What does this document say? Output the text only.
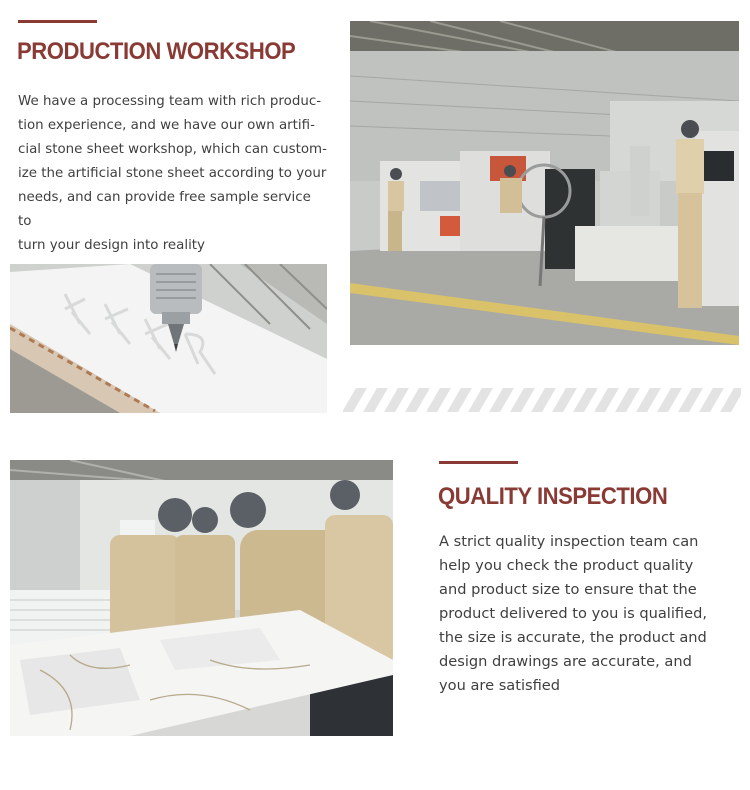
PRODUCTION WORKSHOP
We have a processing team with rich produc-
tion experience, and we have our own artifi-
cial stone sheet workshop, which can custom-
ize the artificial stone sheet according to your
needs, and can provide free sample service to
turn your design into reality
QUALITY INSPECTION
A strict quality inspection team can
help you check the product quality
and product size to ensure that the
product delivered to you is qualified,
the size is accurate, the product and
design drawings are accurate, and
you are satisfied
